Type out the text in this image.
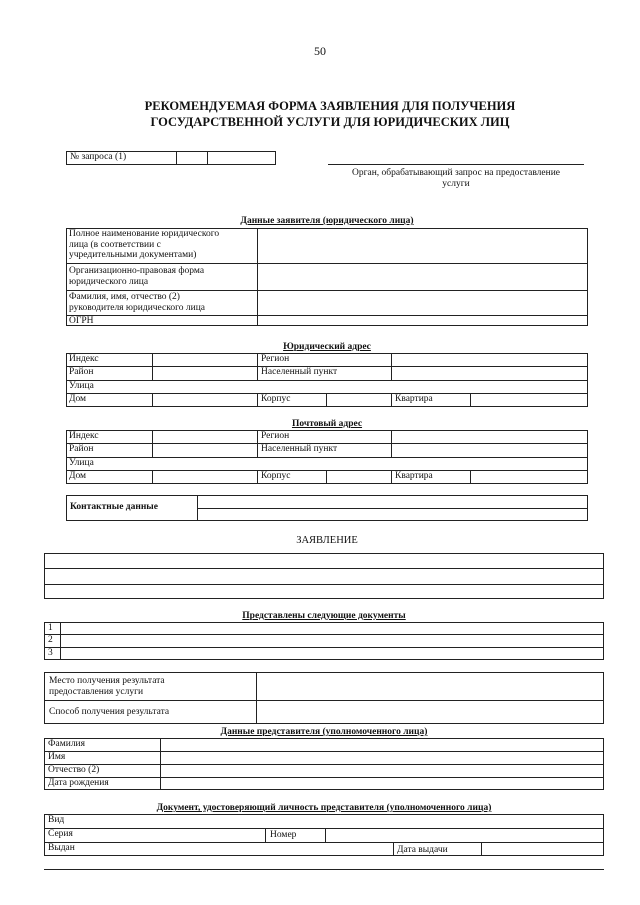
50
РЕКОМЕНДУЕМАЯ ФОРМА ЗАЯВЛЕНИЯ ДЛЯ ПОЛУЧЕНИЯ
ГОСУДАРСТВЕННОЙ УСЛУГИ ДЛЯ ЮРИДИЧЕСКИХ ЛИЦ
№ запроса (1)
Орган, обрабатывающий запрос на предоставление
услуги
Данные заявителя (юридического лица)
Полное наименование юридического
лица (в соответствии с
учредительными документами)
Организационно-правовая форма
юридического лица
Фамилия, имя, отчество (2)
руководителя юридического лица
ОГРН
Юридический адрес
Индекс	Регион
Район	Населенный пункт
Улица
Дом	Корпус	Квартира
Почтовый адрес
Индекс	Регион
Район	Населенный пункт
Улица
Дом	Корпус	Квартира
Контактные данные
ЗАЯВЛЕНИЕ
Представлены следующие документы
1
2
3
Место получения результата
предоставления услуги
Способ получения результата
Данные представителя (уполномоченного лица)
Фамилия
Имя
Отчество (2)
Дата рождения
Документ, удостоверяющий личность представителя (уполномоченного лица)
Вид
Серия	Номер
Выдан	Дата выдачи
